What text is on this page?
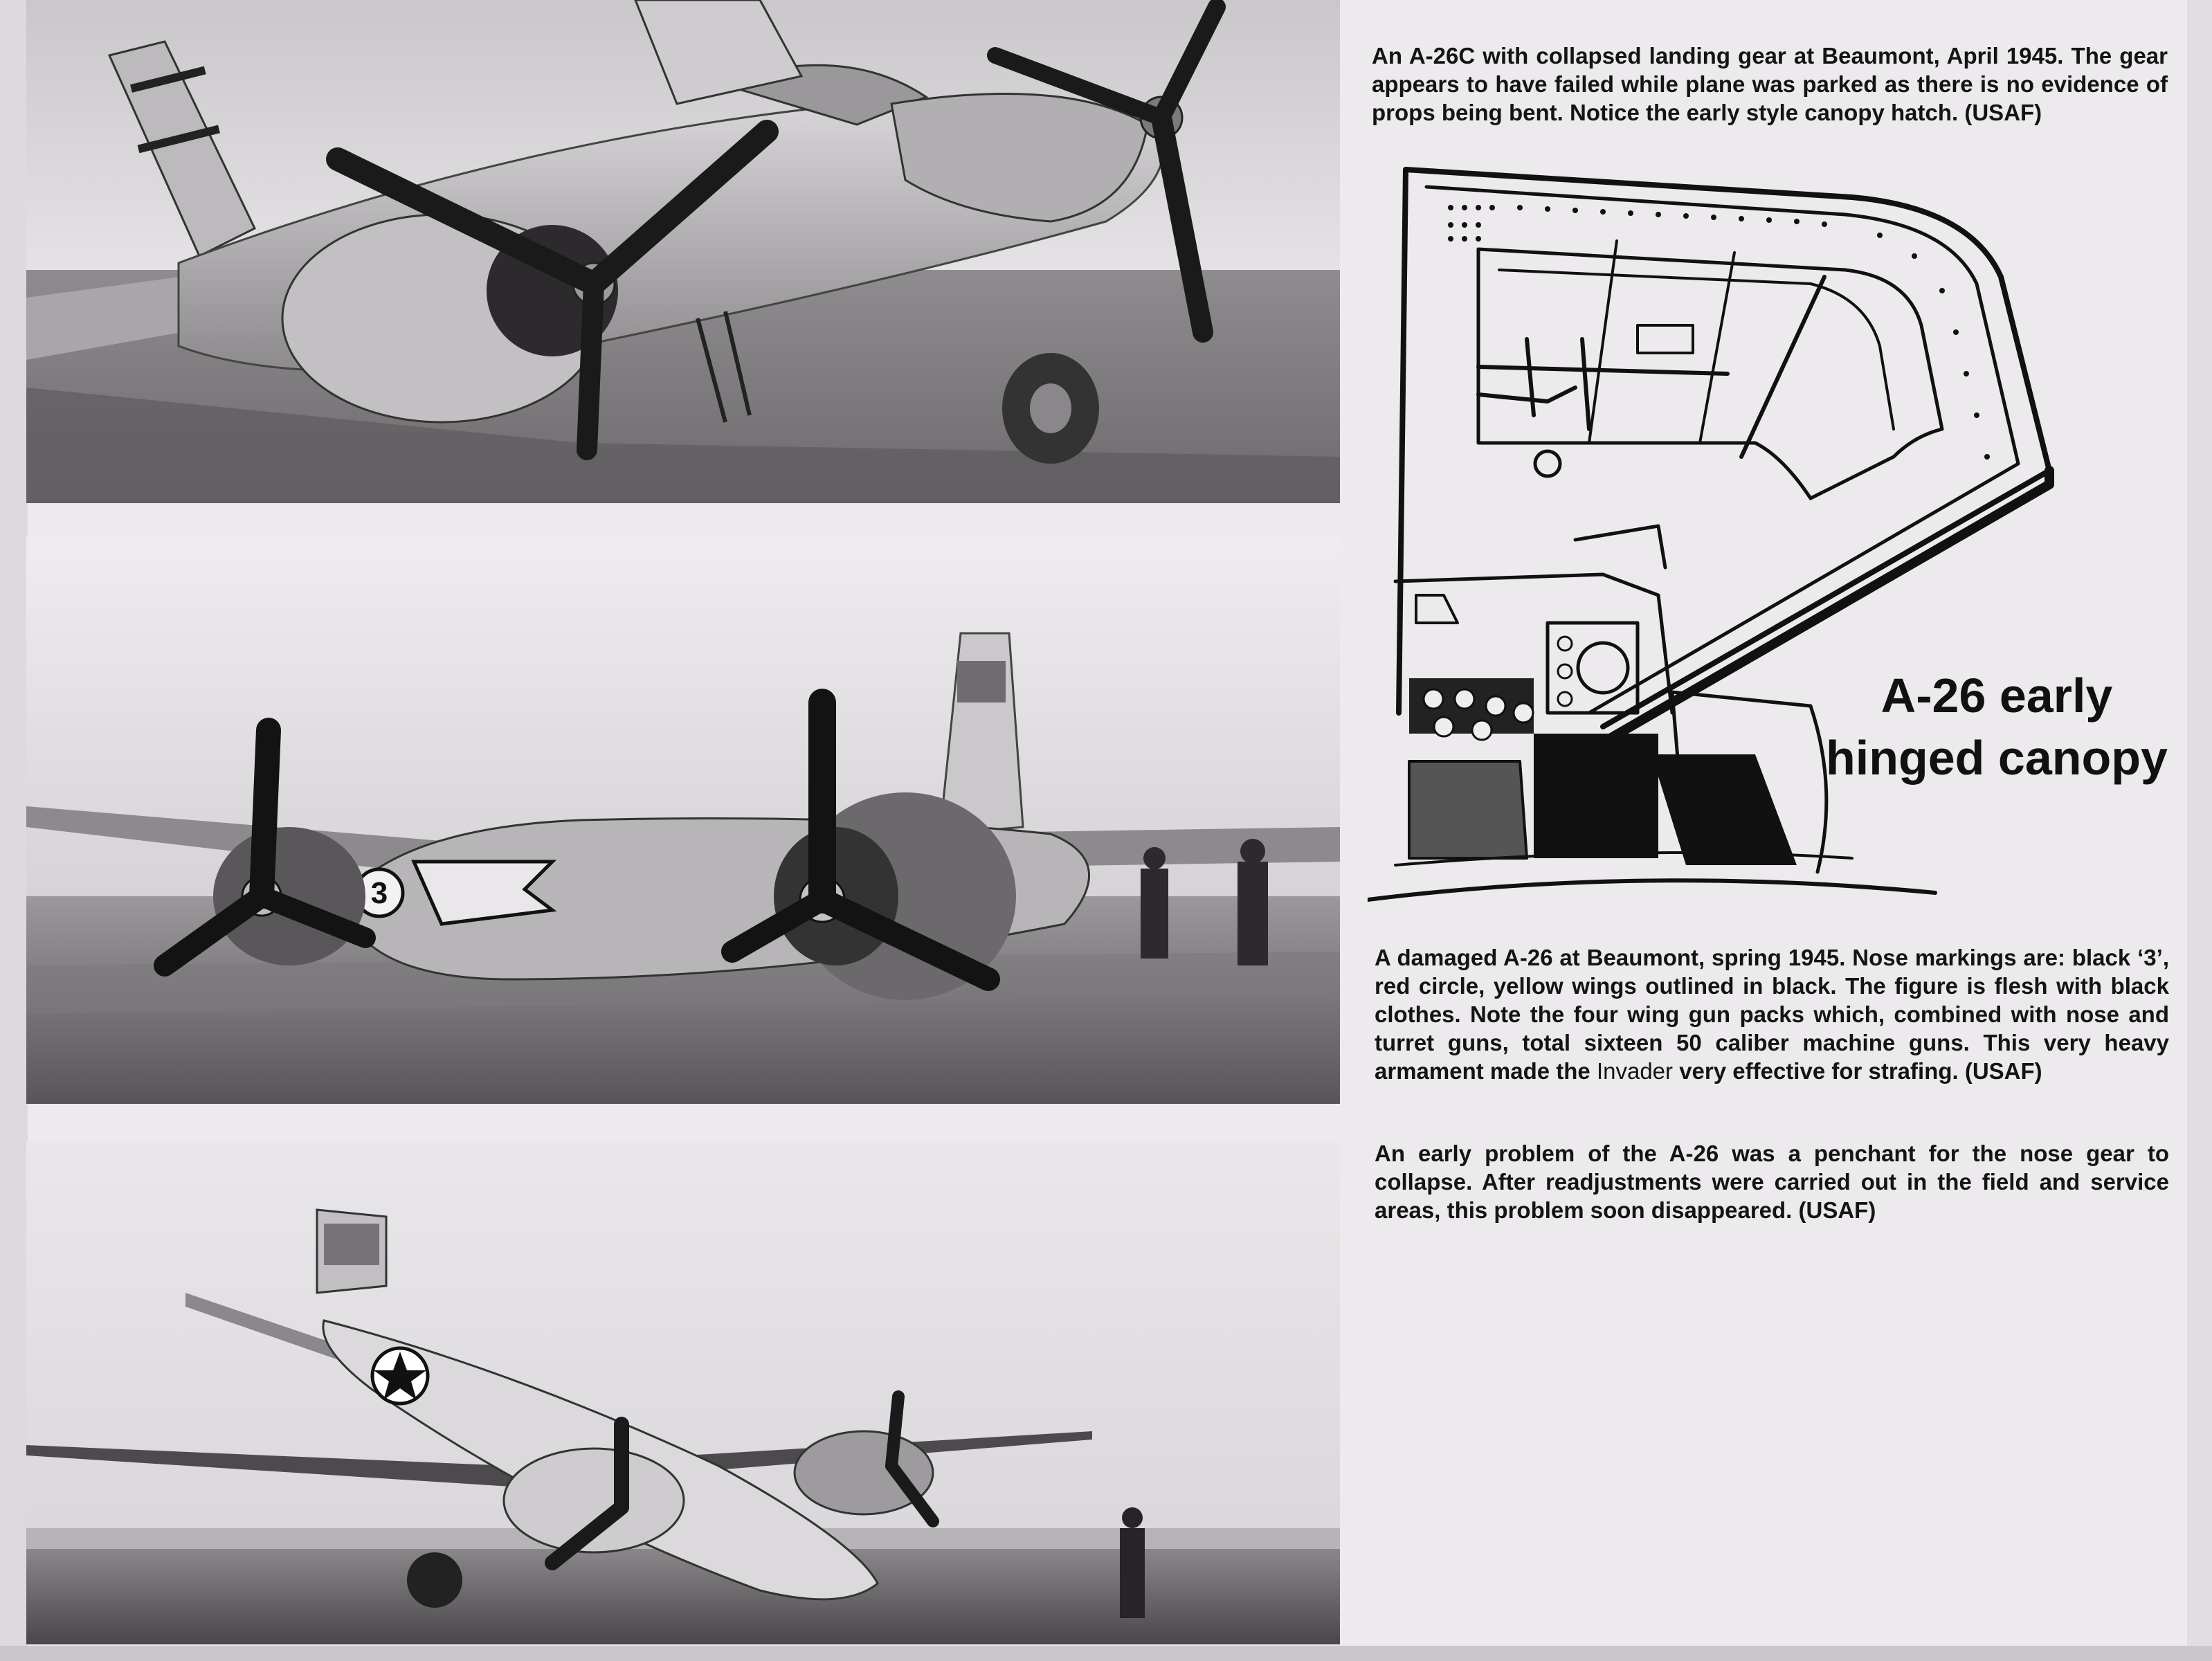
3

An A-26C with collapsed landing gear at Beaumont, April 1945. The gear appears to have failed while plane was parked as there is no evidence of props being bent. Notice the early style canopy hatch. (USAF)

A damaged A-26 at Beaumont, spring 1945. Nose markings are: black ‘3’, red circle, yellow wings outlined in black. The figure is flesh with black clothes. Note the four wing gun packs which, combined with nose and turret guns, total sixteen 50 caliber machine guns. This very heavy armament made the Invader very effective for strafing. (USAF)

An early problem of the A-26 was a penchant for the nose gear to collapse. After readjustments were carried out in the field and service areas, this problem soon disappeared. (USAF)

A-26 early
hinged canopy
